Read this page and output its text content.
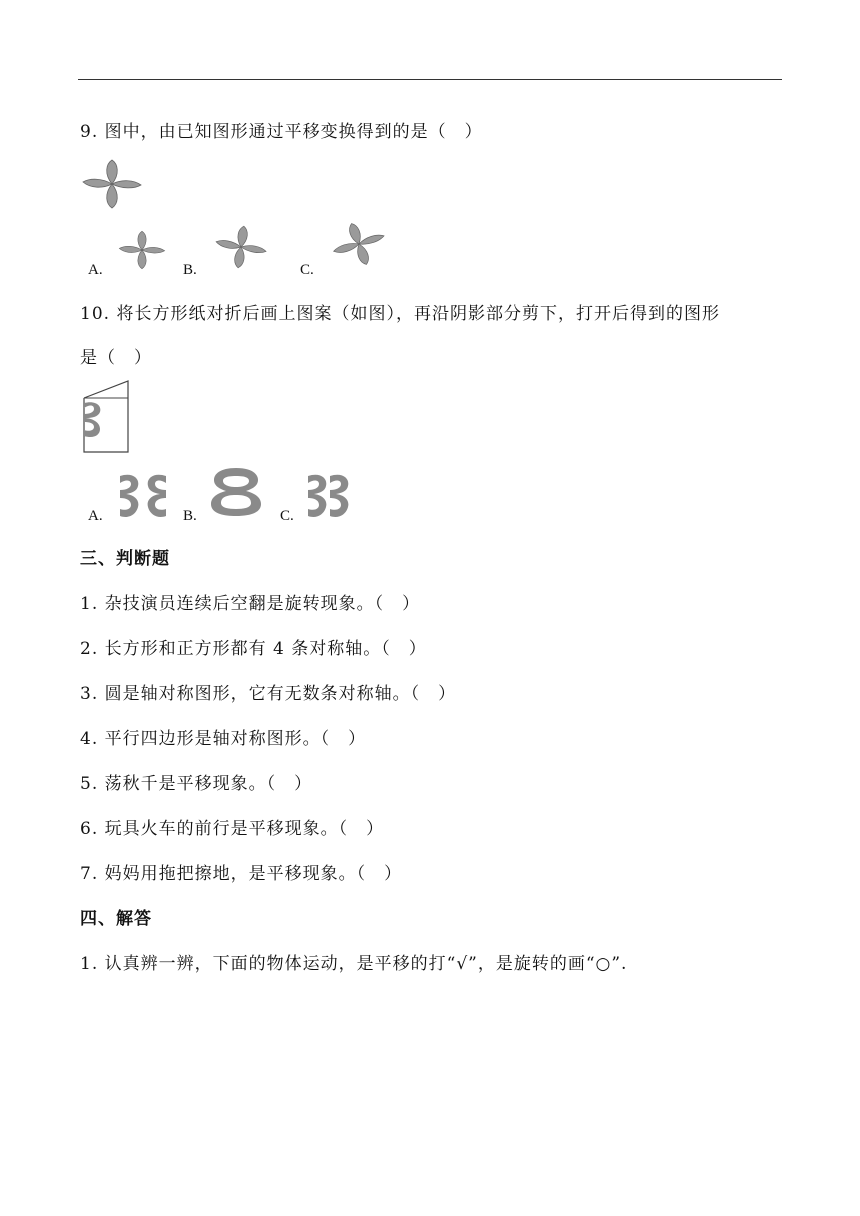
9. 图中，由已知图形通过平移变换得到的是（　）
A.	B.	C.
10. 将长方形纸对折后画上图案（如图），再沿阴影部分剪下，打开后得到的图形
是（　）
A.	B.	C.
三、判断题
1. 杂技演员连续后空翻是旋转现象。（　）
2. 长方形和正方形都有 4 条对称轴。（　）
3. 圆是轴对称图形，它有无数条对称轴。（　）
4. 平行四边形是轴对称图形。（　）
5. 荡秋千是平移现象。（　）
6. 玩具火车的前行是平移现象。（　）
7. 妈妈用拖把擦地，是平移现象。（　）
四、解答
1. 认真辨一辨，下面的物体运动，是平移的打“√”，是旋转的画“○”.
